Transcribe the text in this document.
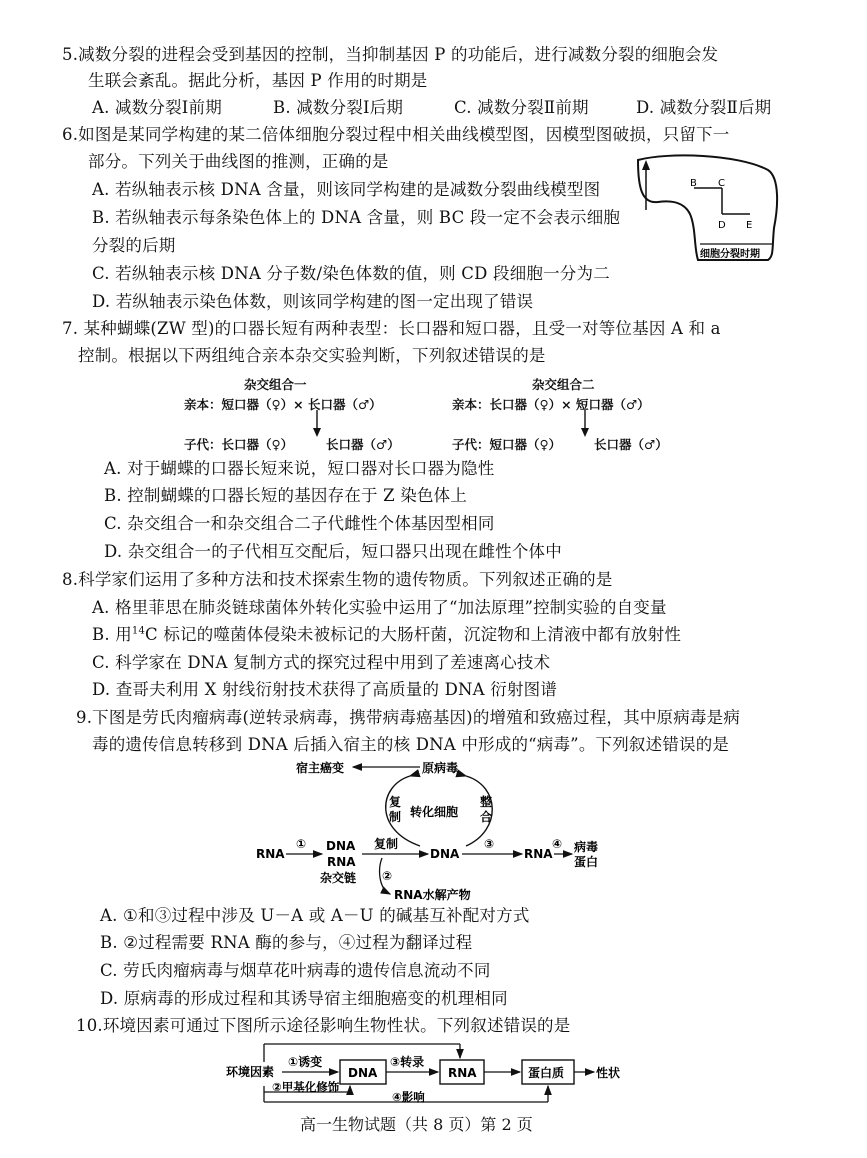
5.减数分裂的进程会受到基因的控制，当抑制基因 P 的功能后，进行减数分裂的细胞会发
生联会紊乱。据此分析，基因 P 作用的时期是
A. 减数分裂Ⅰ前期	B. 减数分裂Ⅰ后期	C. 减数分裂Ⅱ前期	D. 减数分裂Ⅱ后期
6.如图是某同学构建的某二倍体细胞分裂过程中相关曲线模型图，因模型图破损，只留下一
部分。下列关于曲线图的推测，正确的是
A. 若纵轴表示核 DNA 含量，则该同学构建的是减数分裂曲线模型图
B. 若纵轴表示每条染色体上的 DNA 含量，则 BC 段一定不会表示细胞
分裂的后期
C. 若纵轴表示核 DNA 分子数/染色体数的值，则 CD 段细胞一分为二
D. 若纵轴表示染色体数，则该同学构建的图一定出现了错误
B C
D E
细胞分裂时期
7. 某种蝴蝶(ZW 型)的口器长短有两种表型：长口器和短口器，且受一对等位基因 A 和 a
控制。根据以下两组纯合亲本杂交实验判断，下列叙述错误的是
杂交组合一
亲本：短口器（♀）× 长口器（♂）
子代：长口器（♀）	长口器（♂）
杂交组合二
亲本：长口器（♀）× 短口器（♂）
子代：短口器（♀）	长口器（♂）
A. 对于蝴蝶的口器长短来说，短口器对长口器为隐性
B. 控制蝴蝶的口器长短的基因存在于 Z 染色体上
C. 杂交组合一和杂交组合二子代雌性个体基因型相同
D. 杂交组合一的子代相互交配后，短口器只出现在雌性个体中
8.科学家们运用了多种方法和技术探索生物的遗传物质。下列叙述正确的是
A. 格里菲思在肺炎链球菌体外转化实验中运用了“加法原理”控制实验的自变量
B. 用$^{14}$C 标记的噬菌体侵染未被标记的大肠杆菌，沉淀物和上清液中都有放射性
C. 科学家在 DNA 复制方式的探究过程中用到了差速离心技术
D. 查哥夫利用 X 射线衍射技术获得了高质量的 DNA 衍射图谱
9.下图是劳氏肉瘤病毒(逆转录病毒，携带病毒癌基因)的增殖和致癌过程，其中原病毒是病
毒的遗传信息转移到 DNA 后插入宿主的核 DNA 中形成的“病毒”。下列叙述错误的是
宿主癌变	原病毒
复
制 转化细胞
整
合
RNA
① DNA
RNA
杂交链
复制
DNA
③
RNA
④ 病毒
蛋白
②
RNA水解产物
A. ①和③过程中涉及 U－A 或 A－U 的碱基互补配对方式
B. ②过程需要 RNA 酶的参与，④过程为翻译过程
C. 劳氏肉瘤病毒与烟草花叶病毒的遗传信息流动不同
D. 原病毒的形成过程和其诱导宿主细胞癌变的机理相同
10.环境因素可通过下图所示途径影响生物性状。下列叙述错误的是
环境因素
①诱变
DNA
③转录
RNA	蛋白质	性状
②甲基化修饰
④影响
高一生物试题（共 8 页）第 2 页
